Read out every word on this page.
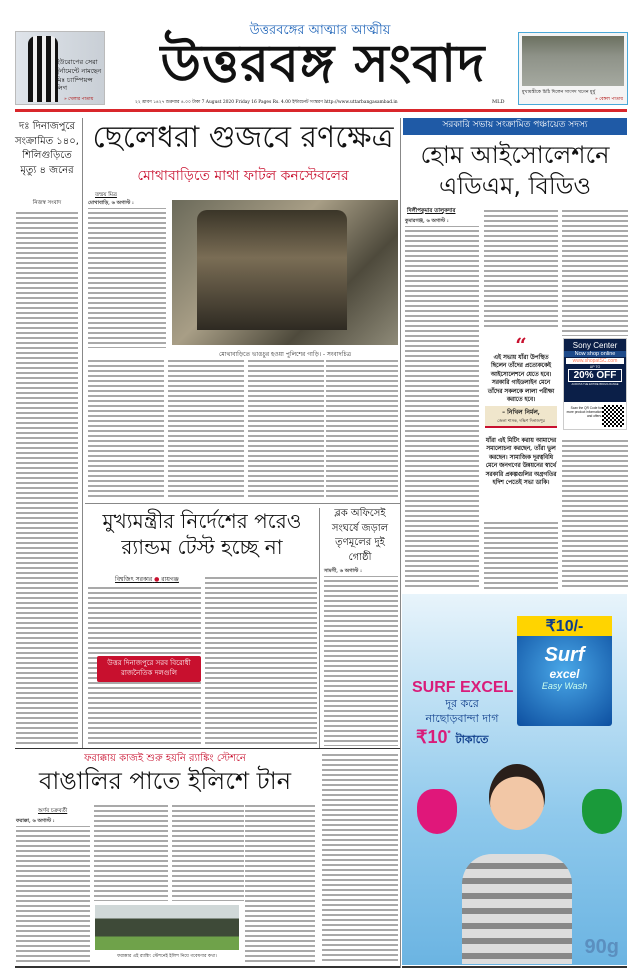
ইউরোপের সেরা টুর্নামেন্টে নামছেন মিঃ চ্যাম্পিয়ন্স লিগ
» খেলার পাতায়
উত্তরবঙ্গের আত্মার আত্মীয়
উত্তরবঙ্গ সংবাদ
২২ শ্রাবণ ১৪২৭ শুক্রবার ৪.০০ টাকা 7 August 2020 Friday 16 Pages Rs. 4.00 ইন্টারনেট সংস্করণ http://www.uttarbangasambad.in	MLD
মুখ্যমন্ত্রীকে চিঠি দিলেন সাংসদ খগেন মুর্মু
» বেঙ্গল পাতায়
দঃ দিনাজপুরে সংক্রামিত ১৪০, শিলিগুড়িতে মৃত্যু ৪ জনের
নিজস্ব সংবাদ
ছেলেধরা গুজবে রণক্ষেত্র
মোথাবাড়িতে মাথা ফাটল কনস্টেবলের
তন্ময় মিত্র
মোথাবাড়ি, ৬ অগাস্ট :
মোথাবাড়িতে ভাঙচুর হওয়া পুলিশের গাড়ি। - সংবাদচিত্র
মুখ্যমন্ত্রীর নির্দেশের পরেও র‍্যান্ডম টেস্ট হচ্ছে না
বিশ্বজিৎ সরকার ● রায়গঞ্জ
উত্তর দিনাজপুরে সরব বিরোধী রাজনৈতিক দলগুলি
ব্লক অফিসেই সংঘর্ষে জড়াল তৃণমূলের দুই গোষ্ঠী
সামসী, ৬ অগাস্ট :
ফরাক্কায় কাজই শুরু হয়নি র‍্যাঙ্কিং স্টেশনে
বাঙালির পাতে ইলিশে টান
অর্ণব চক্রবর্তী
ফরাক্কা, ৬ অগাস্ট :
ফরাক্কার এই র‍্যাঙ্কিং স্টেশনেই ইলিশ নিয়ে গবেষণার কথা।
সরকারি সভায় সংক্রামিত পঞ্চায়েত সদস্য
হোম আইসোলেশনে এডিএম, বিডিও
দিলীপকুমার তালুকদার
কুমারগঞ্জ, ৬ অগাস্ট :
“
এই সভায় যাঁরা উপস্থিত ছিলেন তাঁদের প্রত্যেককেই আইসোলেশনে যেতে হবে। সরকারি গাইডলাইন মেনে তাঁদের সকলকে লালা পরীক্ষা করাতে হবে।
– নিখিল নির্মল,
জেলা শাসক, দক্ষিণ দিনাজপুর
যাঁরা এই মিটিং করায় আমাদের সমালোচনা করছেন, তাঁরা ভুল করছেন। সামাজিক দূরত্ববিধি মেনে জনগণের উন্নয়নের স্বার্থে সরকারি প্রকল্পগুলির অগ্রগতির হদিশ পেতেই সভা ডাকি।
Sony Center
Now shop online
www.shopatSC.com
UP TO
20% OFF
ACROSS THE ENTIRE BRAVIA RANGE
Scan the QR Code for more product information and offers.
₹10/-
Surf
excel
Easy Wash
SURF EXCEL
দূর করে
নাছোড়বান্দা দাগ
₹10* টাকাতে
90g
